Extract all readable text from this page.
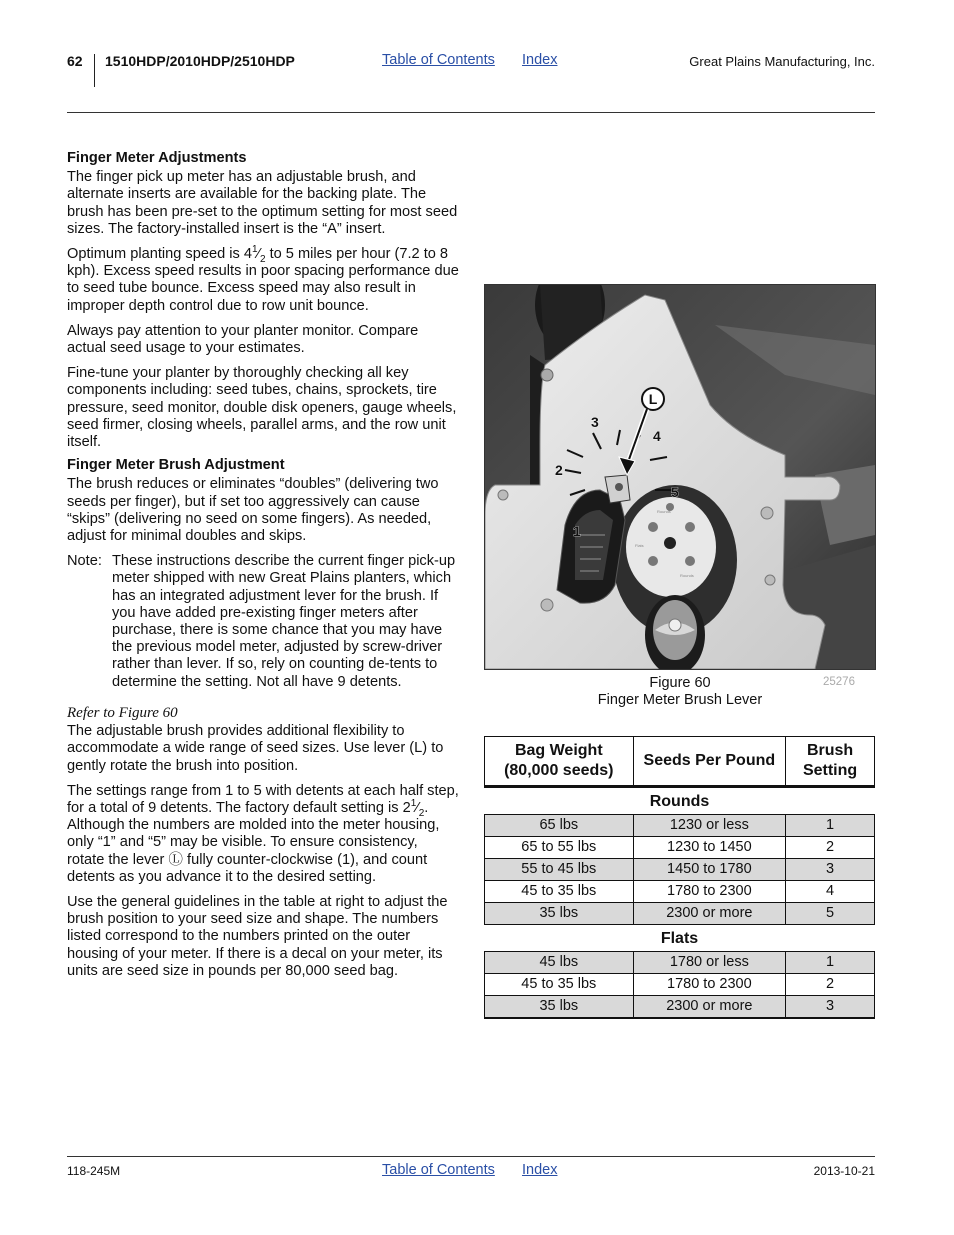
62 1510HDP/2010HDP/2510HDP	Table of Contents Index	Great Plains Manufacturing, Inc.
Finger Meter Adjustments

The finger pick up meter has an adjustable brush, and alternate inserts are available for the backing plate. The brush has been pre-set to the optimum setting for most seed sizes. The factory-installed insert is the “A” insert.

Optimum planting speed is $4^1⁄_2$ to 5 miles per hour (7.2 to 8 kph). Excess speed results in poor spacing performance due to seed tube bounce. Excess speed may also result in improper depth control due to row unit bounce.

Always pay attention to your planter monitor. Compare actual seed usage to your estimates.

Fine-tune your planter by thoroughly checking all key components including: seed tubes, chains, sprockets, tire pressure, seed monitor, double disk openers, gauge wheels, seed firmer, closing wheels, parallel arms, and the row unit itself.

Finger Meter Brush Adjustment

The brush reduces or eliminates “doubles” (delivering two seeds per finger), but if set too aggressively can cause “skips” (delivering no seed on some fingers). As needed, adjust for minimal doubles and skips.

Note: These instructions describe the current finger pick-up meter shipped with new Great Plains planters, which has an integrated adjustment lever for the brush. If you have added pre-existing finger meters after purchase, there is some chance that you may have the previous model meter, adjusted by screw-driver rather than lever. If so, rely on counting de-tents to determine the setting. Not all have 9 detents.
Refer to Figure 60

The adjustable brush provides additional flexibility to accommodate a wide range of seed sizes. Use lever (L) to gently rotate the brush into position.

The settings range from 1 to 5 with detents at each half step, for a total of 9 detents. The factory default setting is $2^1⁄_2$. Although the numbers are molded into the meter housing, only “1” and “5” may be visible. To ensure consistency, rotate the lever Ⓛ fully counter-clockwise (1), and count detents as you advance it to the desired setting.

Use the general guidelines in the table at right to adjust the brush position to your seed size and shape. The numbers listed correspond to the numbers printed on the outer housing of your meter. If there is a decal on your meter, its units are seed size in pounds per 80,000 seed bag.

Rounds
Flats
Rounds
L
1
2
3
4
5
Figure 60
Finger Meter Brush Lever
25276
Bag Weight (80,000 seeds)	Seeds Per Pound	Brush Setting
Rounds		
65 lbs	1230 or less	1
65 to 55 lbs	1230 to 1450	2
55 to 45 lbs	1450 to 1780	3
45 to 35 lbs	1780 to 2300	4
35 lbs	2300 or more	5
Flats		
45 lbs	1780 or less	1
45 to 35 lbs	1780 to 2300	2
35 lbs	2300 or more	3
118-245M	Table of Contents Index	2013-10-21
